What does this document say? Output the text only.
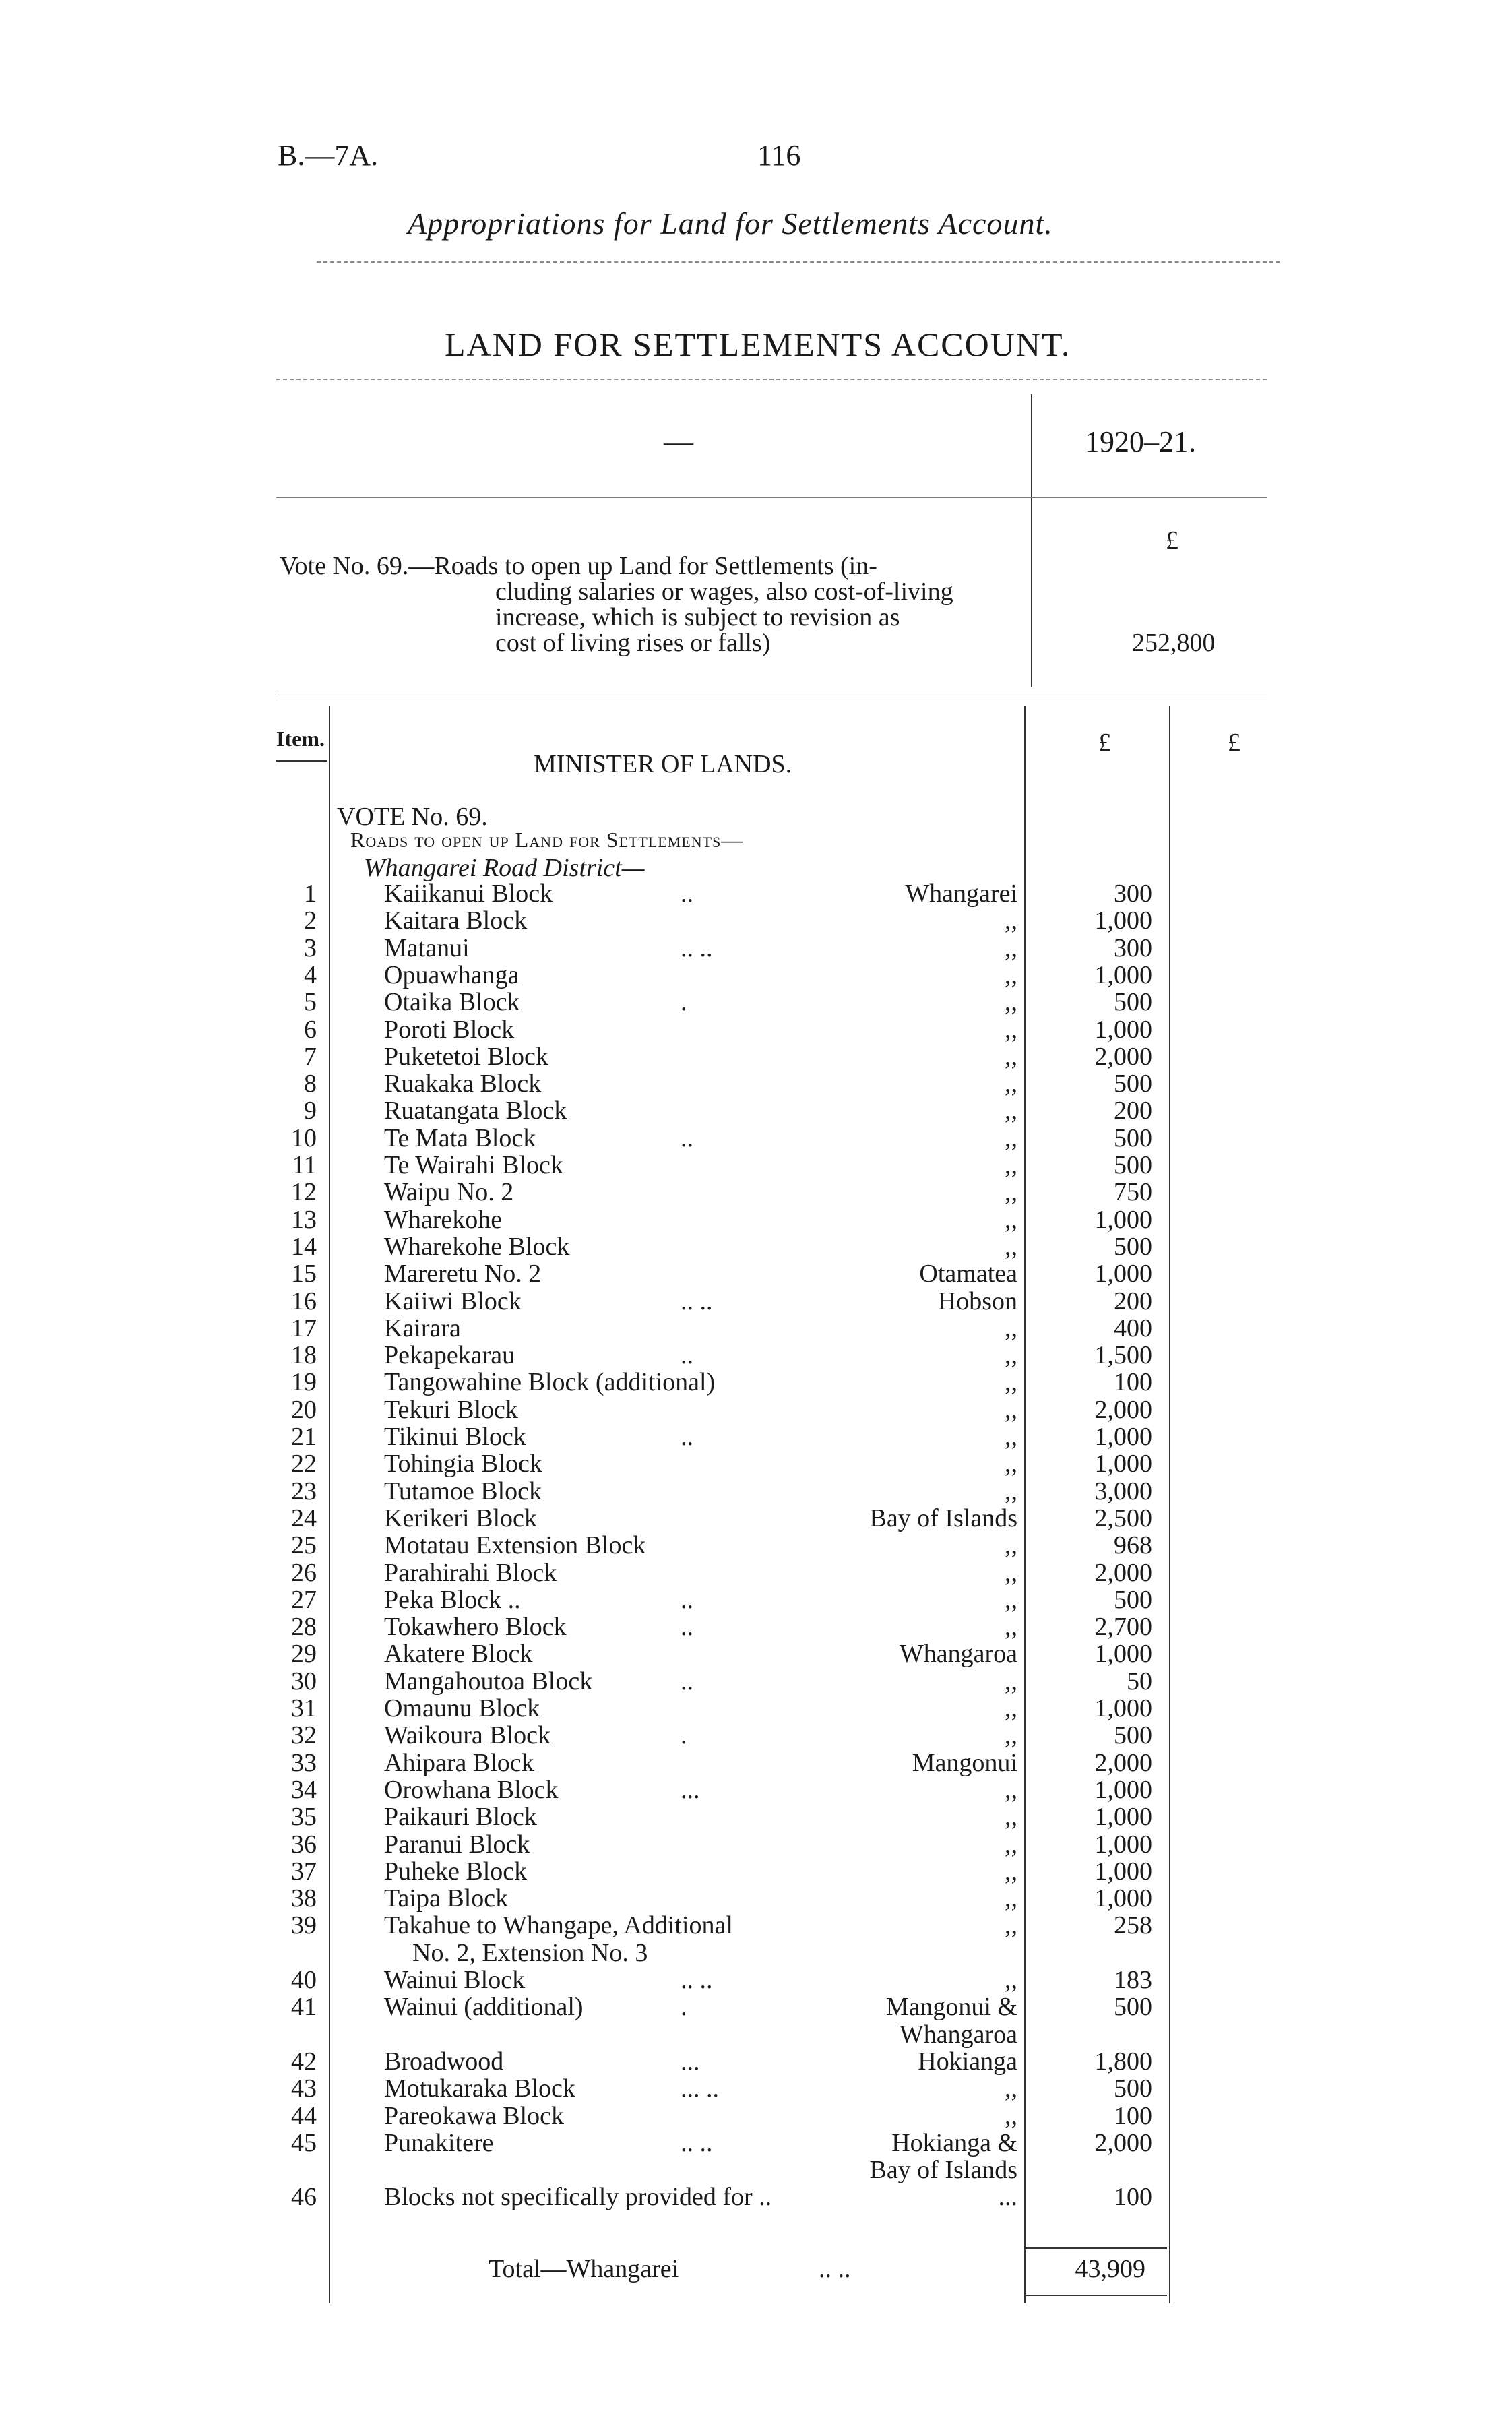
B.—7A.	116
Appropriations for Land for Settlements Account.
LAND FOR SETTLEMENTS ACCOUNT.
—	1920–21.
£
Vote No. 69.—Roads to open up Land for Settlements (in-
cluding salaries or wages, also cost-of-living
increase, which is subject to revision as
cost of living rises or falls)	252,800
Item.	£	£
MINISTER OF LANDS.
VOTE No. 69.
Roads to open up Land for Settlements—
Whangarei Road District—
1	Kaiikanui Block	..	Whangarei	300
2	Kaitara Block	,,	1,000
3	Matanui	.. ..	,,	300
4	Opuawhanga	,,	1,000
5	Otaika Block	.	,,	500
6	Poroti Block	,,	1,000
7	Puketetoi Block	,,	2,000
8	Ruakaka Block	,,	500
9	Ruatangata Block	,,	200
10	Te Mata Block	..	,,	500
11	Te Wairahi Block	,,	500
12	Waipu No. 2	,,	750
13	Wharekohe	,,	1,000
14	Wharekohe Block	,,	500
15	Mareretu No. 2	Otamatea	1,000
16	Kaiiwi Block	.. ..	Hobson	200
17	Kairara	,,	400
18	Pekapekarau	..	,,	1,500
19	Tangowahine Block (additional)	,,	100
20	Tekuri Block	,,	2,000
21	Tikinui Block	..	,,	1,000
22	Tohingia Block	,,	1,000
23	Tutamoe Block	,,	3,000
24	Kerikeri Block	Bay of Islands	2,500
25	Motatau Extension Block	,,	968
26	Parahirahi Block	,,	2,000
27	Peka Block ..	..	,,	500
28	Tokawhero Block	..	,,	2,700
29	Akatere Block	Whangaroa	1,000
30	Mangahoutoa Block	..	,,	50
31	Omaunu Block	,,	1,000
32	Waikoura Block	.	,,	500
33	Ahipara Block	Mangonui	2,000
34	Orowhana Block	...	,,	1,000
35	Paikauri Block	,,	1,000
36	Paranui Block	,,	1,000
37	Puheke Block	,,	1,000
38	Taipa Block	,,	1,000
39	Takahue to Whangape, Additional	,,	258
No. 2, Extension No. 3
40	Wainui Block	.. ..	,,	183
41	Wainui (additional)	.	Mangonui &	500
Whangaroa
42	Broadwood	...	Hokianga	1,800
43	Motukaraka Block	... ..	,,	500
44	Pareokawa Block	,,	100
45	Punakitere	.. ..	Hokianga &	2,000
Bay of Islands
46	Blocks not specifically provided for ..	...	100
Total—Whangarei	.. ..	43,909
